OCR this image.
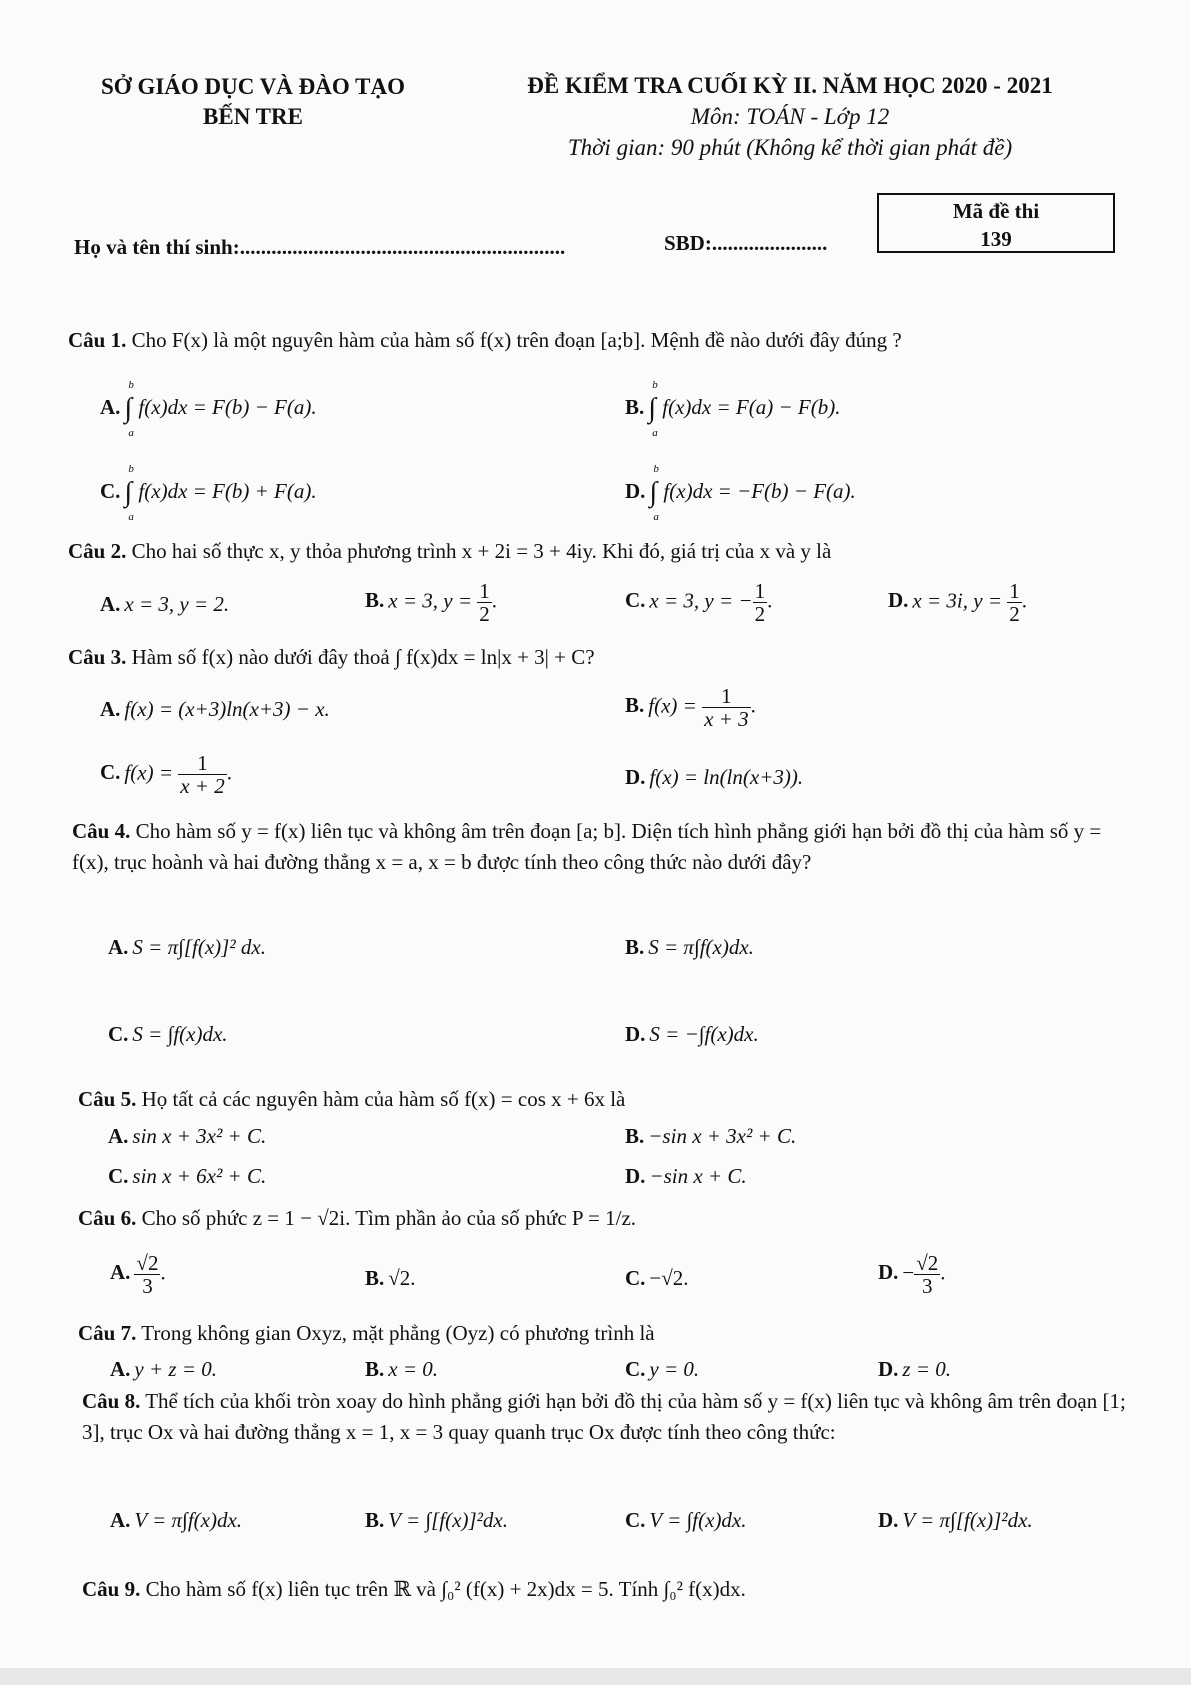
SỞ GIÁO DỤC VÀ ĐÀO TẠO
BẾN TRE
ĐỀ KIỂM TRA CUỐI KỲ II. NĂM HỌC 2020 - 2021
Môn: TOÁN - Lớp 12
Thời gian: 90 phút (Không kể thời gian phát đề)
Họ và tên thí sinh:..............................................................	SBD:......................
Mã đề thi
139
Câu 1. Cho F(x) là một nguyên hàm của hàm số f(x) trên đoạn [a;b]. Mệnh đề nào dưới đây đúng ?
A. ∫
b
a
f(x)dx = F(b) − F(a).	B. ∫
b
a
f(x)dx = F(a) − F(b).
C. ∫
b
a
f(x)dx = F(b) + F(a).	D. ∫
b
a
f(x)dx = −F(b) − F(a).
Câu 2. Cho hai số thực x, y thỏa phương trình x + 2i = 3 + 4iy. Khi đó, giá trị của x và y là
A. x = 3, y = 2.	B. x = 3, $y = \frac{1}{2}$ .	C. x = 3, y = − $\frac{1}{2}$ .	D. x = 3i, $y = \frac{1}{2}$ .
Câu 3. Hàm số f(x) nào dưới đây thoả ∫ f(x)dx = ln|x + 3| + C?
A. f(x) = (x+3)ln(x+3) − x.	B. $f(x) = \frac{1}{x + 3}$ .
C. $f(x) = \frac{1}{x + 2}$ .	D. f(x) = ln(ln(x+3)).
Câu 4. Cho hàm số y = f(x) liên tục và không âm trên đoạn [a; b]. Diện tích hình phẳng giới hạn bởi đồ thị của hàm số y = f(x), trục hoành và hai đường thẳng x = a, x = b được tính theo công thức nào dưới đây?
A. S = π∫[f(x)]² dx.	B. S = π∫f(x)dx.
C. S = ∫f(x)dx.	D. S = −∫f(x)dx.
Câu 5. Họ tất cả các nguyên hàm của hàm số f(x) = cos x + 6x là
A. sin x + 3x² + C.	B. −sin x + 3x² + C.
C. sin x + 6x² + C.	D. −sin x + C.
Câu 6. Cho số phức z = 1 − √2i. Tìm phần ảo của số phức P = 1/z.
A. $\frac{√2}{3}$ .	B. √2.	C. −√2.	D. − $\frac{√2}{3}$ .
Câu 7. Trong không gian Oxyz, mặt phẳng (Oyz) có phương trình là
A. y + z = 0.	B. x = 0.	C. y = 0.	D. z = 0.
Câu 8. Thể tích của khối tròn xoay do hình phẳng giới hạn bởi đồ thị của hàm số y = f(x) liên tục và không âm trên đoạn [1; 3], trục Ox và hai đường thẳng x = 1, x = 3 quay quanh trục Ox được tính theo công thức:
A. V = π∫f(x)dx.	B. V = ∫[f(x)]²dx.	C. V = ∫f(x)dx.	D. V = π∫[f(x)]²dx.
Câu 9. Cho hàm số f(x) liên tục trên ℝ và ∫₀² (f(x) + 2x)dx = 5. Tính ∫₀² f(x)dx.
